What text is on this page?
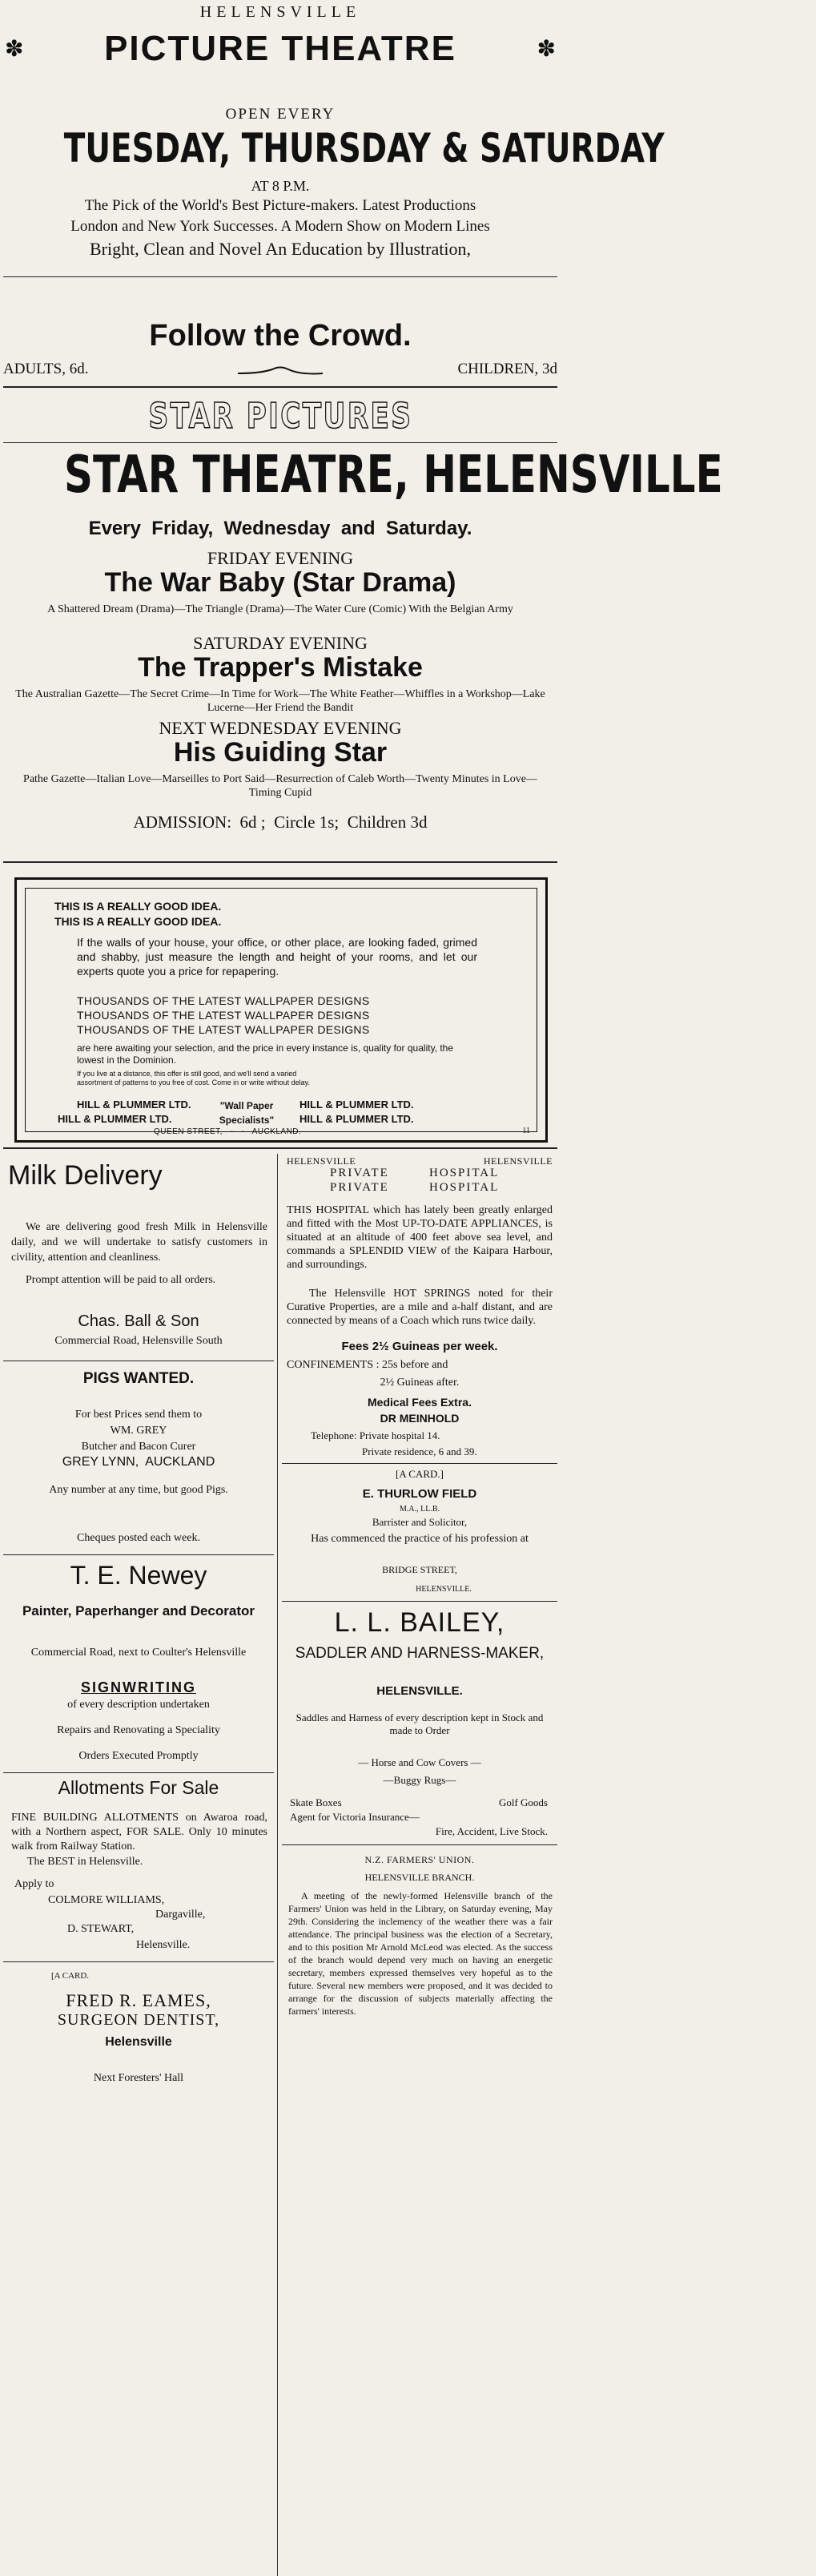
HELENSVILLE
✽	✽
PICTURE THEATRE
OPEN EVERY
TUESDAY, THURSDAY & SATURDAY
AT 8 P.M.
The Pick of the World's Best Picture-makers. Latest Productions
London and New York Successes. A Modern Show on Modern Lines
Bright, Clean and Novel An Education by Illustration,
Follow the Crowd.
ADULTS, 6d.	CHILDREN, 3d
STAR PICTURES
STAR THEATRE, HELENSVILLE
Every  Friday,  Wednesday  and  Saturday.
FRIDAY EVENING
The War Baby (Star Drama)
A Shattered Dream (Drama)—The Triangle (Drama)—The Water Cure (Comic) With the Belgian Army
SATURDAY EVENING
The Trapper's Mistake
The Australian Gazette—The Secret Crime—In Time for Work—The White Feather—Whiffles in a Workshop—Lake Lucerne—Her Friend the Bandit
NEXT WEDNESDAY EVENING
His Guiding Star
Pathe Gazette—Italian Love—Marseilles to Port Said—Resurrection of Caleb Worth—Twenty Minutes in Love—Timing Cupid
ADMISSION:  6d ;  Circle 1s;  Children 3d
THIS IS A REALLY GOOD IDEA.
THIS IS A REALLY GOOD IDEA.
If the walls of your house, your office, or other place, are looking faded, grimed and shabby, just measure the length and height of your rooms, and let our experts quote you a price for repapering.
THOUSANDS OF THE LATEST WALLPAPER DESIGNS
THOUSANDS OF THE LATEST WALLPAPER DESIGNS
THOUSANDS OF THE LATEST WALLPAPER DESIGNS
are here awaiting your selection, and the price in every instance is, quality for quality, the lowest in the Dominion.
If you live at a distance, this offer is still good, and we'll send a varied assortment of patterns to you free of cost. Come in or write without delay.
HILL & PLUMMER LTD.
HILL & PLUMMER LTD.
"Wall Paper Specialists"
HILL & PLUMMER LTD.
HILL & PLUMMER LTD.
QUEEN STREET,   -   -   AUCKLAND.	11
Milk Delivery
We are delivering good fresh Milk in Helensville daily, and we will undertake to satisfy customers in civility, attention and cleanliness.
Prompt attention will be paid to all orders.
Chas. Ball & Son
Commercial Road, Helensville South
PIGS WANTED.
For best Prices send them to
WM. GREY
Butcher and Bacon Curer
GREY LYNN,  AUCKLAND
Any number at any time, but good Pigs.
Cheques posted each week.
T. E. Newey
Painter, Paperhanger and Decorator
Commercial Road, next to Coulter's Helensville
SIGNWRITING
of every description undertaken
Repairs and Renovating a Speciality
Orders Executed Promptly
Allotments For Sale
FINE BUILDING ALLOTMENTS on Awaroa road, with a Northern aspect, FOR SALE. Only 10 minutes walk from Railway Station.
The BEST in Helensville.
Apply to
COLMORE WILLIAMS,
Dargaville,
D. STEWART,
Helensville.
[A CARD.
FRED R. EAMES,
SURGEON DENTIST,
Helensville
Next Foresters' Hall
HELENSVILLE	HELENSVILLE
PRIVATE	HOSPITAL
PRIVATE	HOSPITAL
THIS HOSPITAL which has lately been greatly enlarged and fitted with the Most UP-TO-DATE APPLIANCES, is situated at an altitude of 400 feet above sea level, and commands a SPLENDID VIEW of the Kaipara Harbour, and surroundings.
The Helensville HOT SPRINGS noted for their Curative Properties, are a mile and a-half distant, and are connected by means of a Coach which runs twice daily.
Fees 2½ Guineas per week.
CONFINEMENTS : 25s before and
2½ Guineas after.
Medical Fees Extra.
DR MEINHOLD
Telephone: Private hospital 14.
Private residence, 6 and 39.
[A CARD.]
E. THURLOW FIELD
M.A., LL.B.
Barrister and Solicitor,
Has commenced the practice of his profession at
BRIDGE STREET,
HELENSVILLE.
L. L. BAILEY,
SADDLER AND HARNESS-MAKER,
HELENSVILLE.
Saddles and Harness of every description kept in Stock and made to Order
— Horse and Cow Covers —
—Buggy Rugs—
Skate Boxes	Golf Goods
Agent for Victoria Insurance—
Fire, Accident, Live Stock.
N.Z. FARMERS' UNION.
HELENSVILLE BRANCH.
A meeting of the newly-formed Helensville branch of the Farmers' Union was held in the Library, on Saturday evening, May 29th. Considering the inclemency of the weather there was a fair attendance. The principal business was the election of a Secretary, and to this position Mr Arnold McLeod was elected. As the success of the branch would depend very much on having an energetic secretary, members expressed themselves very hopeful as to the future. Several new members were proposed, and it was decided to arrange for the discussion of subjects materially affecting the farmers' interests.
